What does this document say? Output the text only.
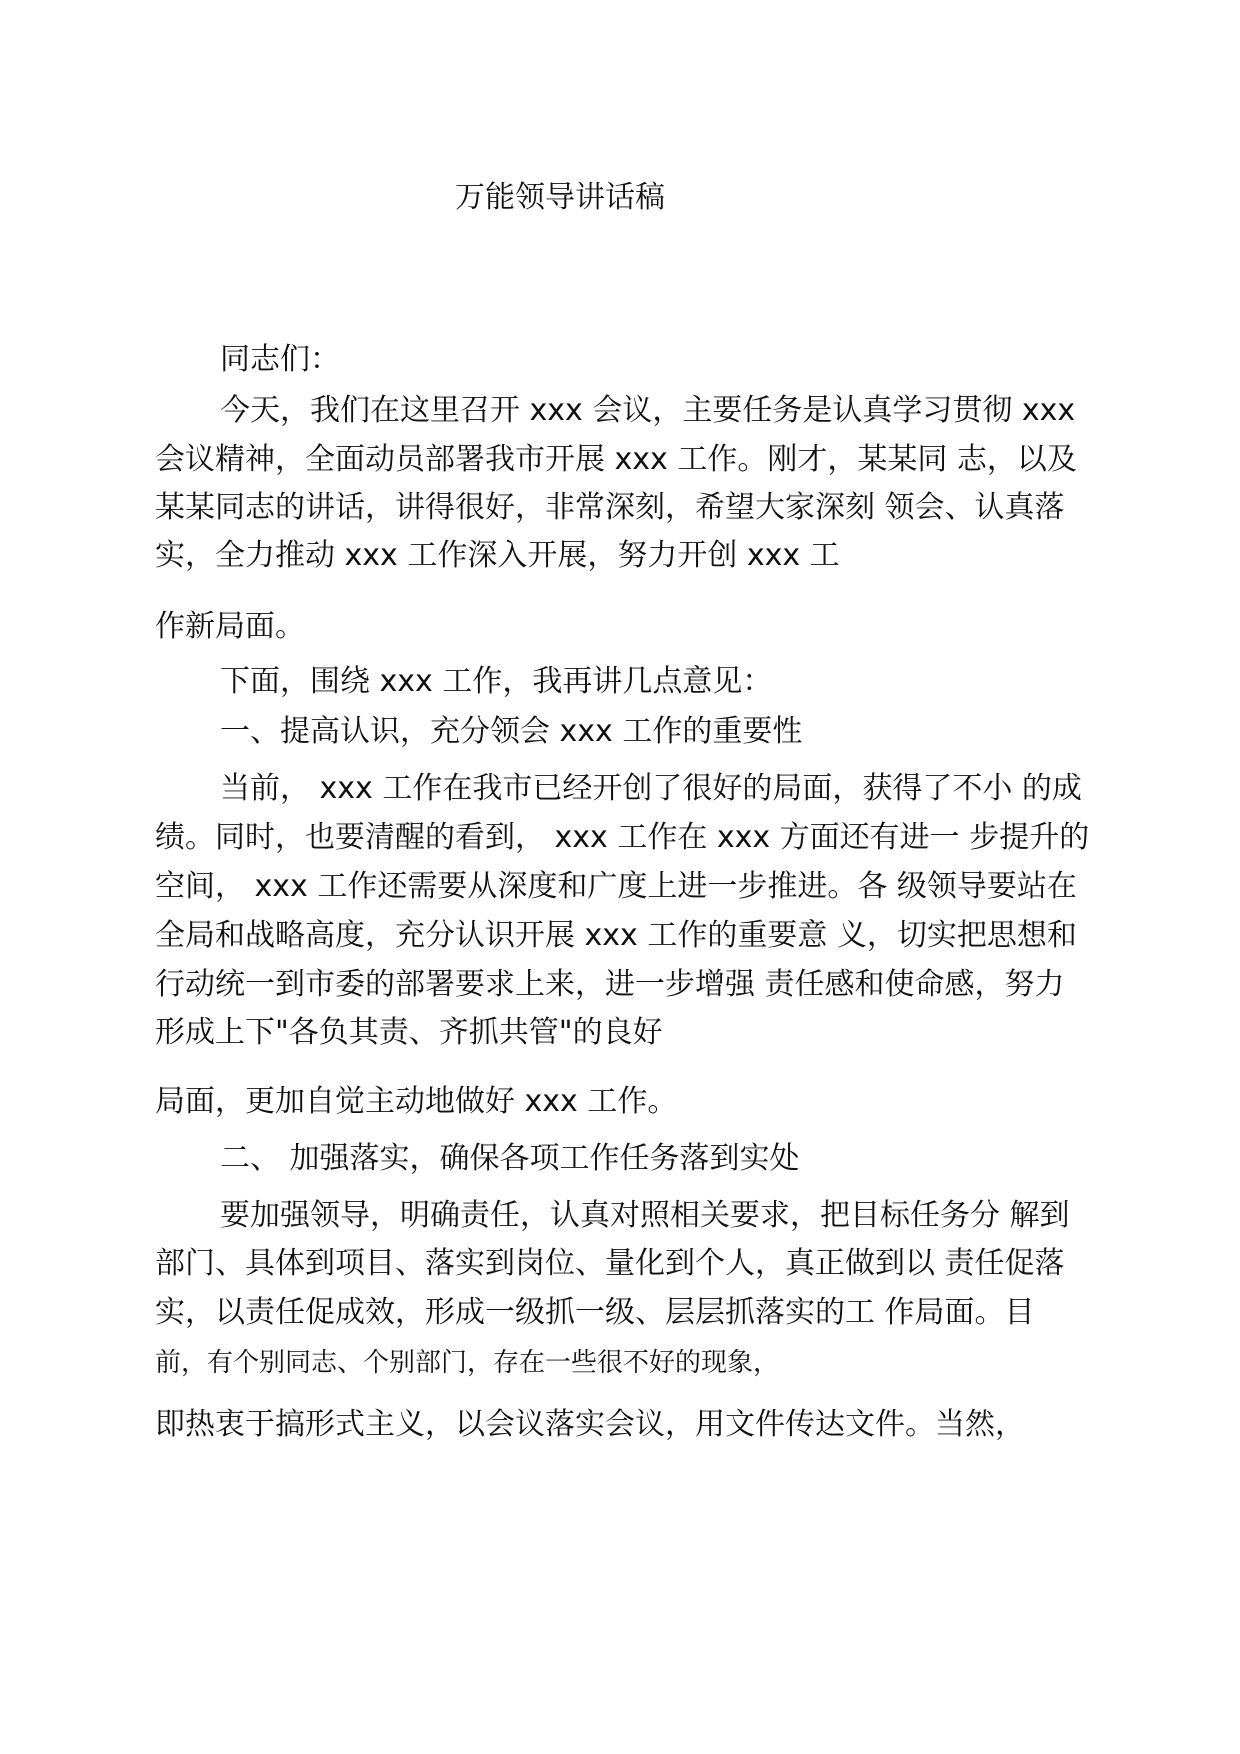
万能领导讲话稿
同志们：
今天，我们在这里召开 xxx 会议，主要任务是认真学习贯彻 xxx
会议精神，全面动员部署我市开展 xxx 工作。刚才，某某同 志，以及
某某同志的讲话，讲得很好，非常深刻，希望大家深刻 领会、认真落
实，全力推动 xxx 工作深入开展，努力开创 xxx 工
作新局面。
下面，围绕 xxx 工作，我再讲几点意见：
一、提高认识，充分领会 xxx 工作的重要性
当前， xxx 工作在我市已经开创了很好的局面，获得了不小 的成
绩。同时，也要清醒的看到， xxx 工作在 xxx 方面还有进一 步提升的
空间， xxx 工作还需要从深度和广度上进一步推进。各 级领导要站在
全局和战略高度，充分认识开展 xxx 工作的重要意 义，切实把思想和
行动统一到市委的部署要求上来，进一步增强 责任感和使命感，努力
形成上下"各负其责、齐抓共管"的良好
局面，更加自觉主动地做好 xxx 工作。
二、 加强落实，确保各项工作任务落到实处
要加强领导，明确责任，认真对照相关要求，把目标任务分 解到
部门、具体到项目、落实到岗位、量化到个人，真正做到以 责任促落
实，以责任促成效，形成一级抓一级、层层抓落实的工 作局面。目
前，有个别同志、个别部门，存在一些很不好的现象，
即热衷于搞形式主义，以会议落实会议，用文件传达文件。当然，
